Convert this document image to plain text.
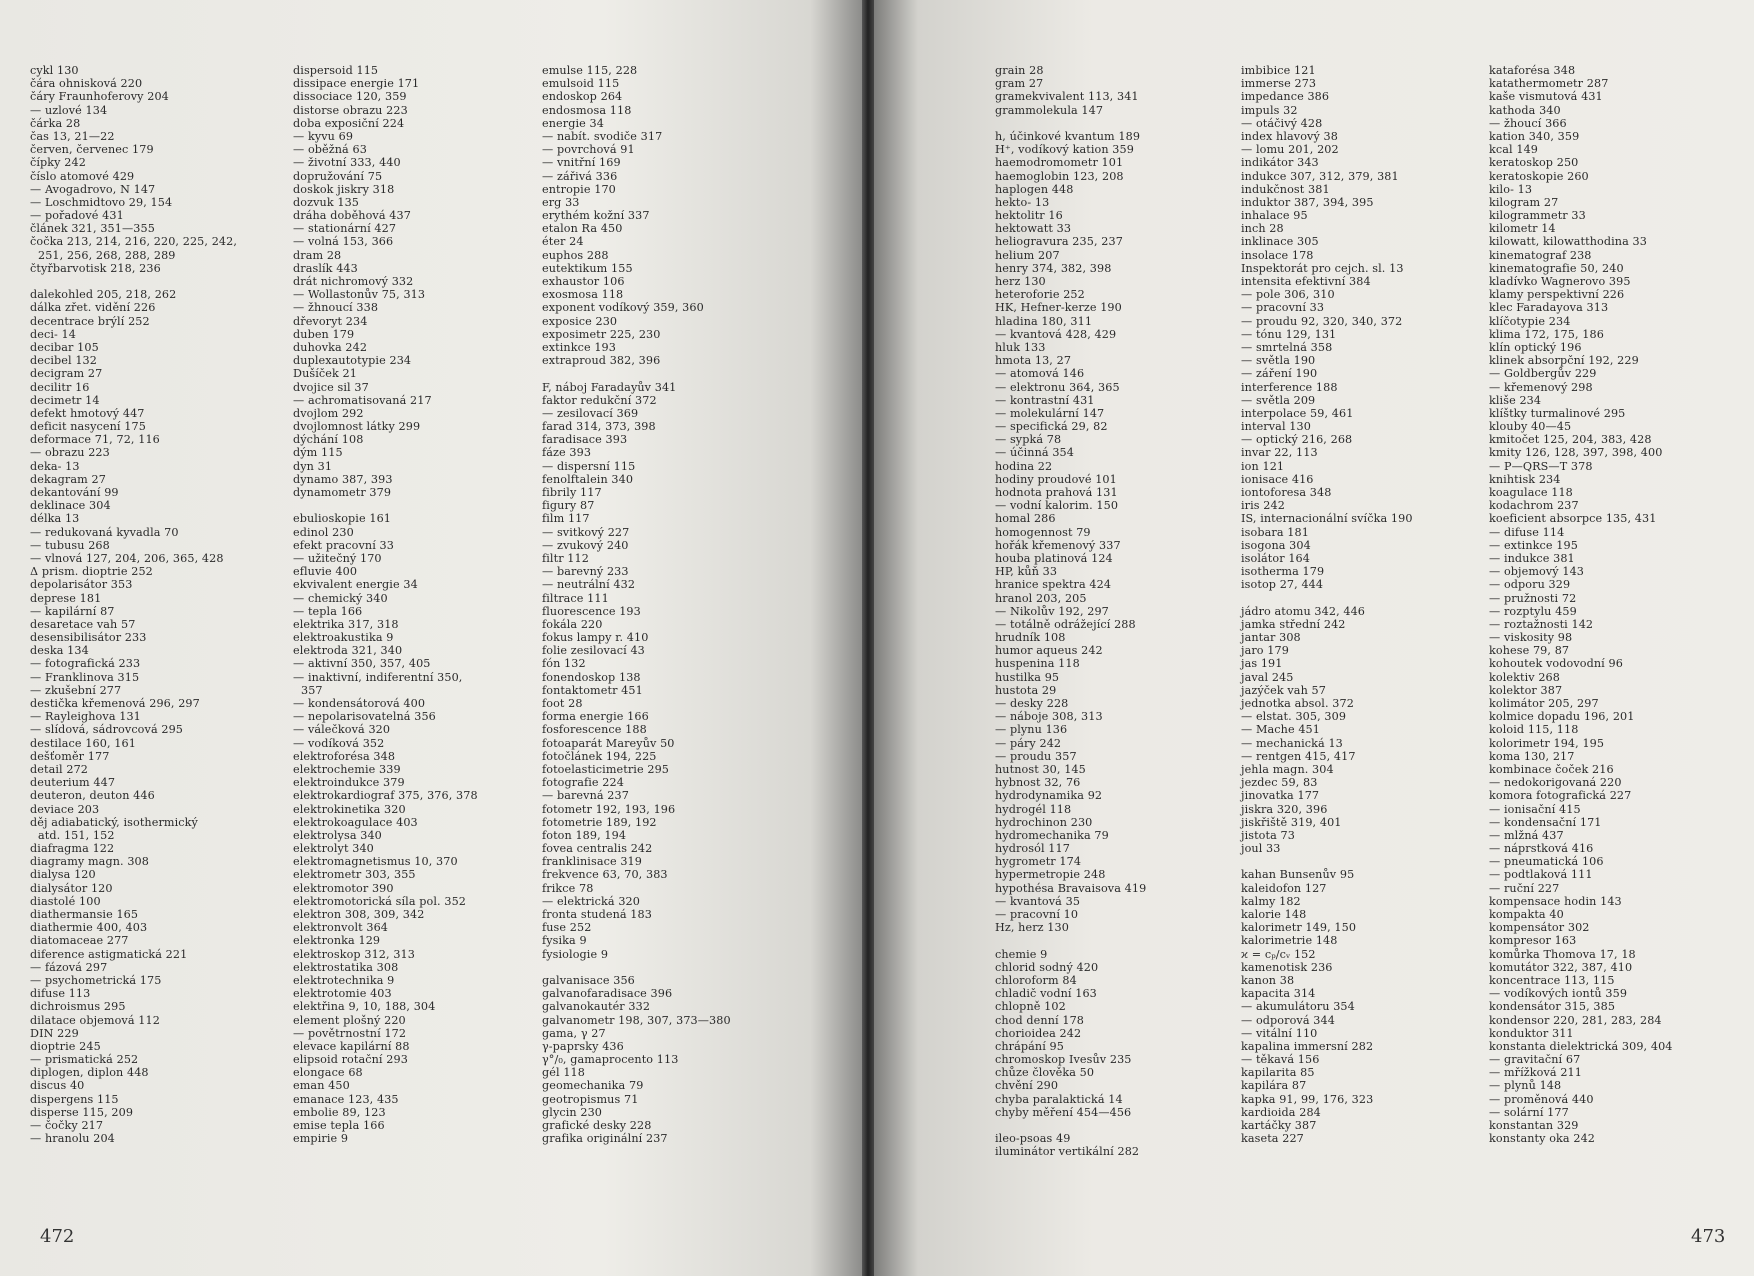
cykl 130
čára ohnisková 220
čáry Fraunhoferovy 204
— uzlové 134
čárka 28
čas 13, 21—22
červen, červenec 179
čípky 242
číslo atomové 429
— Avogadrovo, N 147
— Loschmidtovo 29, 154
— pořadové 431
článek 321, 351—355
čočka 213, 214, 216, 220, 225, 242,
251, 256, 268, 288, 289
čtyřbarvotisk 218, 236
dalekohled 205, 218, 262
dálka zřet. vidění 226
decentrace brýlí 252
deci- 14
decibar 105
decibel 132
decigram 27
decilitr 16
decimetr 14
defekt hmotový 447
deficit nasycení 175
deformace 71, 72, 116
— obrazu 223
deka- 13
dekagram 27
dekantování 99
deklinace 304
délka 13
— redukovaná kyvadla 70
— tubusu 268
— vlnová 127, 204, 206, 365, 428
Δ prism. dioptrie 252
depolarisátor 353
deprese 181
— kapilární 87
desaretace vah 57
desensibilisátor 233
deska 134
— fotografická 233
— Franklinova 315
— zkušební 277
destička křemenová 296, 297
— Rayleighova 131
— slídová, sádrovcová 295
destilace 160, 161
dešťoměr 177
detail 272
deuterium 447
deuteron, deuton 446
deviace 203
děj adiabatický, isothermický
atd. 151, 152
diafragma 122
diagramy magn. 308
dialysa 120
dialysátor 120
diastolé 100
diathermansie 165
diathermie 400, 403
diatomaceae 277
diference astigmatická 221
— fázová 297
— psychometrická 175
difuse 113
dichroismus 295
dilatace objemová 112
DIN 229
dioptrie 245
— prismatická 252
diplogen, diplon 448
discus 40
dispergens 115
disperse 115, 209
— čočky 217
— hranolu 204
dispersoid 115
dissipace energie 171
dissociace 120, 359
distorse obrazu 223
doba exposiční 224
— kyvu 69
— oběžná 63
— životní 333, 440
dopružování 75
doskok jiskry 318
dozvuk 135
dráha doběhová 437
— stationární 427
— volná 153, 366
dram 28
draslík 443
drát nichromový 332
— Wollastonův 75, 313
— žhnoucí 338
dřevoryt 234
duben 179
duhovka 242
duplexautotypie 234
Dušíček 21
dvojice sil 37
— achromatisovaná 217
dvojlom 292
dvojlomnost látky 299
dýchání 108
dým 115
dyn 31
dynamo 387, 393
dynamometr 379
ebulioskopie 161
edinol 230
efekt pracovní 33
— užitečný 170
efluvie 400
ekvivalent energie 34
— chemický 340
— tepla 166
elektrika 317, 318
elektroakustika 9
elektroda 321, 340
— aktivní 350, 357, 405
— inaktivní, indiferentní 350,
357
— kondensátorová 400
— nepolarisovatelná 356
— válečková 320
— vodíková 352
elektroforésa 348
elektrochemie 339
elektroindukce 379
elektrokardiograf 375, 376, 378
elektrokinetika 320
elektrokoagulace 403
elektrolysa 340
elektrolyt 340
elektromagnetismus 10, 370
elektrometr 303, 355
elektromotor 390
elektromotorická síla pol. 352
elektron 308, 309, 342
elektronvolt 364
elektronka 129
elektroskop 312, 313
elektrostatika 308
elektrotechnika 9
elektrotomie 403
elektřina 9, 10, 188, 304
element plošný 220
— povětrnostní 172
elevace kapilární 88
elipsoid rotační 293
elongace 68
eman 450
emanace 123, 435
embolie 89, 123
emise tepla 166
empirie 9
emulse 115, 228
emulsoid 115
endoskop 264
endosmosa 118
energie 34
— nabít. svodiče 317
— povrchová 91
— vnitřní 169
— zářivá 336
entropie 170
erg 33
erythém kožní 337
etalon Ra 450
éter 24
euphos 288
eutektikum 155
exhaustor 106
exosmosa 118
exponent vodíkový 359, 360
exposice 230
exposimetr 225, 230
extinkce 193
extraproud 382, 396
F, náboj Faradayův 341
faktor redukční 372
— zesilovací 369
farad 314, 373, 398
faradisace 393
fáze 393
— dispersní 115
fenolftalein 340
fibrily 117
figury 87
film 117
— svitkový 227
— zvukový 240
filtr 112
— barevný 233
— neutrální 432
filtrace 111
fluorescence 193
fokála 220
fokus lampy r. 410
folie zesilovací 43
fón 132
fonendoskop 138
fontaktometr 451
foot 28
forma energie 166
fosforescence 188
fotoaparát Mareyův 50
fotočlánek 194, 225
fotoelasticimetrie 295
fotografie 224
— barevná 237
fotometr 192, 193, 196
fotometrie 189, 192
foton 189, 194
fovea centralis 242
franklinisace 319
frekvence 63, 70, 383
frikce 78
— elektrická 320
fronta studená 183
fuse 252
fysika 9
fysiologie 9
galvanisace 356
galvanofaradisace 396
galvanokautér 332
galvanometr 198, 307, 373—380
gama, γ 27
γ-paprsky 436
γ°/₀, gamaprocento 113
gél 118
geomechanika 79
geotropismus 71
glycin 230
grafické desky 228
grafika originální 237
472
grain 28
gram 27
gramekvivalent 113, 341
grammolekula 147
h, účinkové kvantum 189
H⁺, vodíkový kation 359
haemodromometr 101
haemoglobin 123, 208
haplogen 448
hekto- 13
hektolitr 16
hektowatt 33
heliogravura 235, 237
helium 207
henry 374, 382, 398
herz 130
heteroforie 252
HK, Hefner-kerze 190
hladina 180, 311
— kvantová 428, 429
hluk 133
hmota 13, 27
— atomová 146
— elektronu 364, 365
— kontrastní 431
— molekulární 147
— specifická 29, 82
— sypká 78
— účinná 354
hodina 22
hodiny proudové 101
hodnota prahová 131
— vodní kalorim. 150
homal 286
homogennost 79
hořák křemenový 337
houba platinová 124
HP, kůň 33
hranice spektra 424
hranol 203, 205
— Nikolův 192, 297
— totálně odrážející 288
hrudník 108
humor aqueus 242
huspenina 118
hustilka 95
hustota 29
— desky 228
— náboje 308, 313
— plynu 136
— páry 242
— proudu 357
hutnost 30, 145
hybnost 32, 76
hydrodynamika 92
hydrogél 118
hydrochinon 230
hydromechanika 79
hydrosól 117
hygrometr 174
hypermetropie 248
hypothésa Bravaisova 419
— kvantová 35
— pracovní 10
Hz, herz 130
chemie 9
chlorid sodný 420
chloroform 84
chladič vodní 163
chlopně 102
chod denní 178
chorioidea 242
chrápání 95
chromoskop Ivesův 235
chůze člověka 50
chvění 290
chyba paralaktická 14
chyby měření 454—456
ileo-psoas 49
iluminátor vertikální 282
imbibice 121
immerse 273
impedance 386
impuls 32
— otáčivý 428
index hlavový 38
— lomu 201, 202
indikátor 343
indukce 307, 312, 379, 381
indukčnost 381
induktor 387, 394, 395
inhalace 95
inch 28
inklinace 305
insolace 178
Inspektorát pro cejch. sl. 13
intensita efektivní 384
— pole 306, 310
— pracovní 33
— proudu 92, 320, 340, 372
— tónu 129, 131
— smrtelná 358
— světla 190
— záření 190
interference 188
— světla 209
interpolace 59, 461
interval 130
— optický 216, 268
invar 22, 113
ion 121
ionisace 416
iontoforesa 348
iris 242
IS, internacionální svíčka 190
isobara 181
isogona 304
isolátor 164
isotherma 179
isotop 27, 444
jádro atomu 342, 446
jamka střední 242
jantar 308
jaro 179
jas 191
javal 245
jazýček vah 57
jednotka absol. 372
— elstat. 305, 309
— Mache 451
— mechanická 13
— rentgen 415, 417
jehla magn. 304
jezdec 59, 83
jinovatka 177
jiskra 320, 396
jiskřiště 319, 401
jistota 73
joul 33
kahan Bunsenův 95
kaleidofon 127
kalmy 182
kalorie 148
kalorimetr 149, 150
kalorimetrie 148
ϰ = cₚ/cᵥ 152
kamenotisk 236
kanon 38
kapacita 314
— akumulátoru 354
— odporová 344
— vitální 110
kapalina immersní 282
— těkavá 156
kapilarita 85
kapilára 87
kapka 91, 99, 176, 323
kardioida 284
kartáčky 387
kaseta 227
kataforésa 348
katathermometr 287
kaše vismutová 431
kathoda 340
— žhoucí 366
kation 340, 359
kcal 149
keratoskop 250
keratoskopie 260
kilo- 13
kilogram 27
kilogrammetr 33
kilometr 14
kilowatt, kilowatthodina 33
kinematograf 238
kinematografie 50, 240
kladívko Wagnerovo 395
klamy perspektivní 226
klec Faradayova 313
klíčotypie 234
klima 172, 175, 186
klín optický 196
klinek absorpční 192, 229
— Goldbergův 229
— křemenový 298
kliše 234
klíštky turmalinové 295
klouby 40—45
kmitočet 125, 204, 383, 428
kmity 126, 128, 397, 398, 400
— P—QRS—T 378
knihtisk 234
koagulace 118
kodachrom 237
koeficient absorpce 135, 431
— difuse 114
— extinkce 195
— indukce 381
— objemový 143
— odporu 329
— pružnosti 72
— rozptylu 459
— roztažnosti 142
— viskosity 98
kohese 79, 87
kohoutek vodovodní 96
kolektiv 268
kolektor 387
kolimátor 205, 297
kolmice dopadu 196, 201
koloid 115, 118
kolorimetr 194, 195
koma 130, 217
kombinace čoček 216
— nedokorigovaná 220
komora fotografická 227
— ionisační 415
— kondensační 171
— mlžná 437
— náprstková 416
— pneumatická 106
— podtlaková 111
— ruční 227
kompensace hodin 143
kompakta 40
kompensátor 302
kompresor 163
komůrka Thomova 17, 18
komutátor 322, 387, 410
koncentrace 113, 115
— vodíkových iontů 359
kondensátor 315, 385
kondensor 220, 281, 283, 284
konduktor 311
konstanta dielektrická 309, 404
— gravitační 67
— mřížková 211
— plynů 148
— proměnová 440
— solární 177
konstantan 329
konstanty oka 242
473
